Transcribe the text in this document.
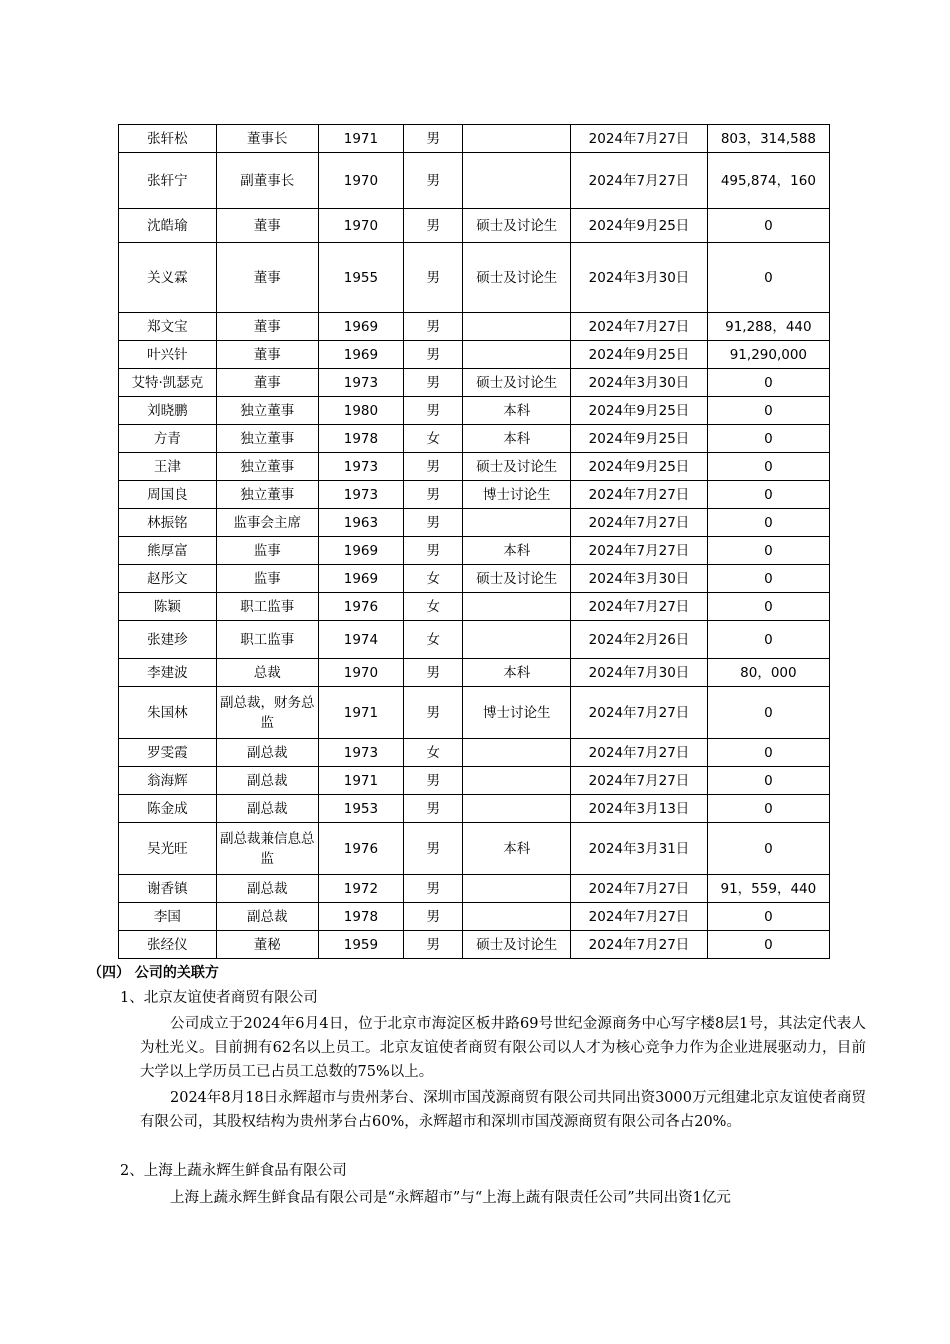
张轩松	董事长	1971	男		2024年7月27日	803，314,588
张轩宁	副董事长	1970	男		2024年7月27日	495,874，160
沈皓瑜	董事	1970	男	硕士及讨论生	2024年9月25日	0
关义霖	董事	1955	男	硕士及讨论生	2024年3月30日	0
郑文宝	董事	1969	男		2024年7月27日	91,288，440
叶兴针	董事	1969	男		2024年9月25日	91,290,000
艾特·凯瑟克	董事	1973	男	硕士及讨论生	2024年3月30日	0
刘晓鹏	独立董事	1980	男	本科	2024年9月25日	0
方青	独立董事	1978	女	本科	2024年9月25日	0
王津	独立董事	1973	男	硕士及讨论生	2024年9月25日	0
周国良	独立董事	1973	男	博士讨论生	2024年7月27日	0
林振铭	监事会主席	1963	男		2024年7月27日	0
熊厚富	监事	1969	男	本科	2024年7月27日	0
赵彤文	监事	1969	女	硕士及讨论生	2024年3月30日	0
陈颖	职工监事	1976	女		2024年7月27日	0
张建珍	职工监事	1974	女		2024年2月26日	0
李建波	总裁	1970	男	本科	2024年7月30日	80，000
朱国林	副总裁，财务总监	1971	男	博士讨论生	2024年7月27日	0
罗雯霞	副总裁	1973	女		2024年7月27日	0
翁海辉	副总裁	1971	男		2024年7月27日	0
陈金成	副总裁	1953	男		2024年3月13日	0
吴光旺	副总裁兼信息总监	1976	男	本科	2024年3月31日	0
谢香镇	副总裁	1972	男		2024年7月27日	91，559，440
李国	副总裁	1978	男		2024年7月27日	0
张经仪	董秘	1959	男	硕士及讨论生	2024年7月27日	0
（四） 公司的关联方
1、北京友谊使者商贸有限公司
公司成立于2024年6月4日，位于北京市海淀区板井路69号世纪金源商务中心写字楼8层1号，其法定代表人为杜光义。目前拥有62名以上员工。北京友谊使者商贸有限公司以人才为核心竞争力作为企业进展驱动力，目前大学以上学历员工已占员工总数的75%以上。
2024年8月18日永辉超市与贵州茅台、深圳市国茂源商贸有限公司共同出资3000万元组建北京友谊使者商贸有限公司，其股权结构为贵州茅台占60%，永辉超市和深圳市国茂源商贸有限公司各占20%。
2、上海上蔬永辉生鲜食品有限公司
上海上蔬永辉生鲜食品有限公司是“永辉超市”与“上海上蔬有限责任公司”共同出资1亿元
